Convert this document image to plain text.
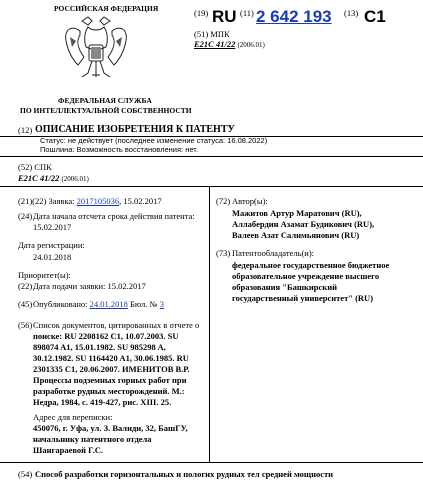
РОССИЙСКАЯ ФЕДЕРАЦИЯ
ФЕДЕРАЛЬНАЯ СЛУЖБА
ПО ИНТЕЛЛЕКТУАЛЬНОЙ СОБСТВЕННОСТИ
(19) RU (11) 2 642 193 (13) C1
(51) МПК
E21C 41/22 (2006.01)
(12) ОПИСАНИЕ ИЗОБРЕТЕНИЯ К ПАТЕНТУ
Статус: не действует (последнее изменение статуса: 16.08.2022)
Пошлина: Возможность восстановления: нет.
(52) СПК
E21C 41/22 (2006.01)
(21)(22) Заявка: 2017105036, 15.02.2017
(24) Дата начала отсчета срока действия патента:
15.02.2017
Дата регистрации:
24.01.2018
Приоритет(ы):
(22) Дата подачи заявки: 15.02.2017
(45) Опубликовано: 24.01.2018 Бюл. № 3
(56) Список документов, цитированных в отчете о
поиске: RU 2208162 C1, 10.07.2003. SU
898074 A1, 15.01.1982. SU 985298 A,
30.12.1982. SU 1164420 A1, 30.06.1985. RU
2301335 C1, 20.06.2007. ИМЕНИТОВ В.Р.
Процессы подземных горных работ при
разработке рудных месторождений. М.:
Недра, 1984, с. 419-427, рис. XIII. 25.
Адрес для переписки:
450076, г. Уфа, ул. З. Валиди, 32, БашГУ,
начальнику патентного отдела
Шангараевой Г.С.
(72) Автор(ы):
Мажитов Артур Маратович (RU),
Аллабердин Азамат Будикович (RU),
Валеев Азат Салимьянович (RU)
(73) Патентообладатель(и):
федеральное государственное бюджетное
образовательное учреждение высшего
образования "Башкирский
государственный университет" (RU)
(54) Способ разработки горизонтальных и пологих рудных тел средней мощности
